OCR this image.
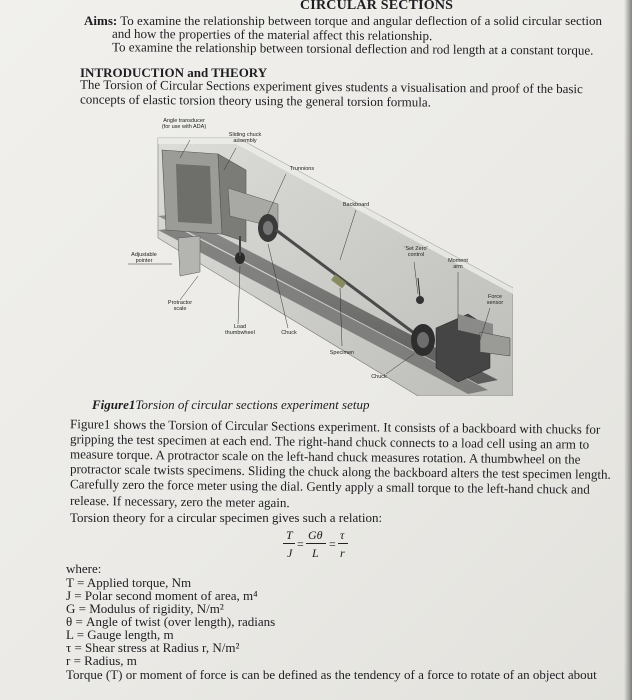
CIRCULAR SECTIONS
Aims: To examine the relationship between torque and angular deflection of a solid circular section
and how the properties of the material affect this relationship.
To examine the relationship between torsional deflection and rod length at a constant torque.
INTRODUCTION and THEORY
The Torsion of Circular Sections experiment gives students a visualisation and proof of the basic
concepts of elastic torsion theory using the general torsion formula.
Angle transducer
(for use with ADA)
Sliding chuck
assembly
Trunnions
Backboard
'Set Zero'
control
Moment
arm
Adjustable
pointer
Protractor
scale
Load
thumbwheel	Chuck
Specimen
Chuck
Force
sensor
Figure1Torsion of circular sections experiment setup
Figure1 shows the Torsion of Circular Sections experiment. It consists of a backboard with chucks for
gripping the test specimen at each end. The right-hand chuck connects to a load cell using an arm to
measure torque. A protractor scale on the left-hand chuck measures rotation. A thumbwheel on the
protractor scale twists specimens. Sliding the chuck along the backboard alters the test specimen length.
Carefully zero the force meter using the dial. Gently apply a small torque to the left-hand chuck and
release. If necessary, zero the meter again.
Torsion theory for a circular specimen gives such a relation:
T
J
=
Gθ
L
=
τ
r
where:
T = Applied torque, Nm
J = Polar second moment of area, m⁴
G = Modulus of rigidity, N/m²
θ = Angle of twist (over length), radians
L = Gauge length, m
τ = Shear stress at Radius r, N/m²
r = Radius, m
Torque (T) or moment of force is can be defined as the tendency of a force to rotate of an object about
